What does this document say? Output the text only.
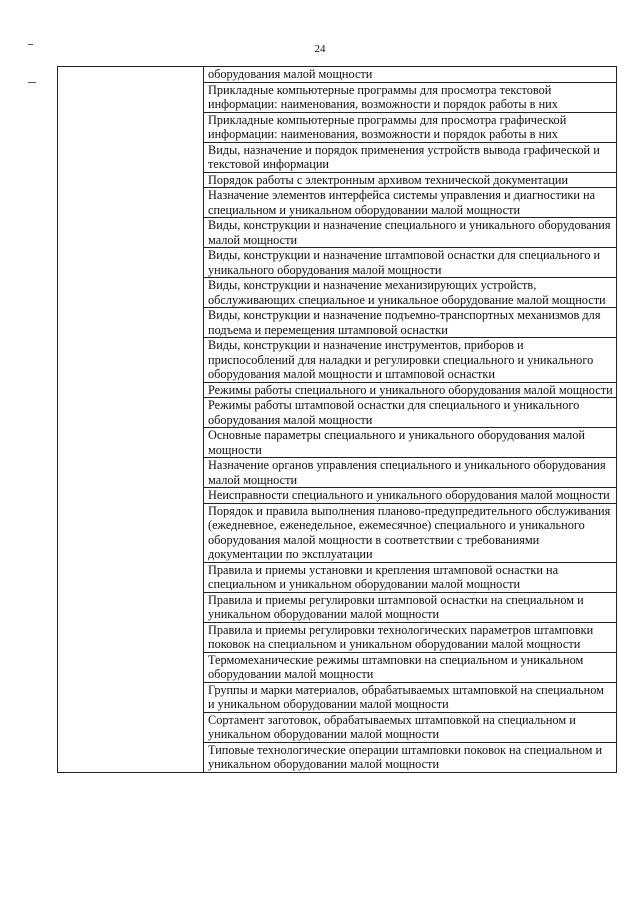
24
	оборудования малой мощности
Прикладные компьютерные программы для просмотра текстовой информации: наименования, возможности и порядок работы в них
Прикладные компьютерные программы для просмотра графической информации: наименования, возможности и порядок работы в них
Виды, назначение и порядок применения устройств вывода графической и текстовой информации
Порядок работы с электронным архивом технической документации
Назначение элементов интерфейса системы управления и диагностики на специальном и уникальном оборудовании малой мощности
Виды, конструкции и назначение специального и уникального оборудования малой мощности
Виды, конструкции и назначение штамповой оснастки для специального и уникального оборудования малой мощности
Виды, конструкции и назначение механизирующих устройств, обслуживающих специальное и уникальное оборудование малой мощности
Виды, конструкции и назначение подъемно-транспортных механизмов для подъема и перемещения штамповой оснастки
Виды, конструкции и назначение инструментов, приборов и приспособлений для наладки и регулировки специального и уникального оборудования малой мощности и штамповой оснастки
Режимы работы специального и уникального оборудования малой мощности
Режимы работы штамповой оснастки для специального и уникального оборудования малой мощности
Основные параметры специального и уникального оборудования малой мощности
Назначение органов управления специального и уникального оборудования малой мощности
Неисправности специального и уникального оборудования малой мощности
Порядок и правила выполнения планово-предупредительного обслуживания (ежедневное, еженедельное, ежемесячное) специального и уникального оборудования малой мощности в соответствии с требованиями документации по эксплуатации
Правила и приемы установки и крепления штамповой оснастки на специальном и уникальном оборудовании малой мощности
Правила и приемы регулировки штамповой оснастки на специальном и уникальном оборудовании малой мощности
Правила и приемы регулировки технологических параметров штамповки поковок на специальном и уникальном оборудовании малой мощности
Термомеханические режимы штамповки на специальном и уникальном оборудовании малой мощности
Группы и марки материалов, обрабатываемых штамповкой на специальном и уникальном оборудовании малой мощности
Сортамент заготовок, обрабатываемых штамповкой на специальном и уникальном оборудовании малой мощности
Типовые технологические операции штамповки поковок на специальном и уникальном оборудовании малой мощности
